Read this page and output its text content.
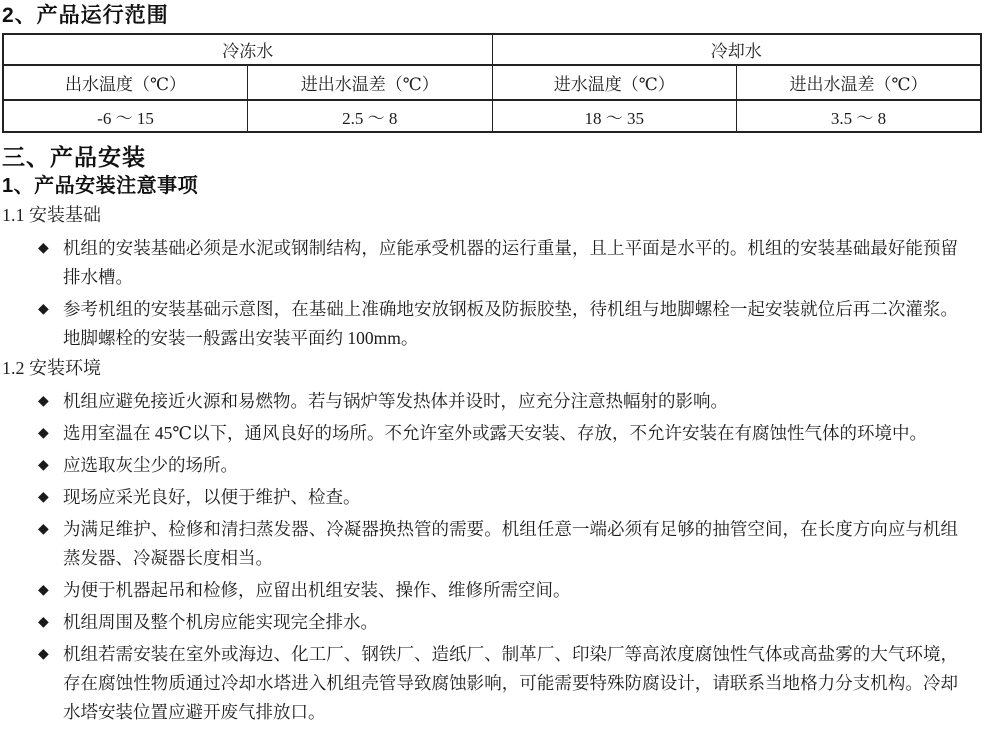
2、产品运行范围
冷冻水		冷却水	
出水温度（℃）	进出水温差（℃）	进水温度（℃）	进出水温差（℃）
-6 ～ 15	2.5 ～ 8	18 ～ 35	3.5 ～ 8
三、产品安装
1、产品安装注意事项
1.1 安装基础
◆ 机组的安装基础必须是水泥或钢制结构，应能承受机器的运行重量，且上平面是水平的。机组的安装基础最好能预留排水槽。

◆ 参考机组的安装基础示意图，在基础上准确地安放钢板及防振胶垫，待机组与地脚螺栓一起安装就位后再二次灌浆。地脚螺栓的安装一般露出安装平面约 100mm。

1.2 安装环境
◆ 机组应避免接近火源和易燃物。若与锅炉等发热体并设时，应充分注意热幅射的影响。

◆ 选用室温在 45℃以下，通风良好的场所。不允许室外或露天安装、存放，不允许安装在有腐蚀性气体的环境中。

◆ 应选取灰尘少的场所。

◆ 现场应采光良好，以便于维护、检查。

◆ 为满足维护、检修和清扫蒸发器、冷凝器换热管的需要。机组任意一端必须有足够的抽管空间，在长度方向应与机组蒸发器、冷凝器长度相当。

◆ 为便于机器起吊和检修，应留出机组安装、操作、维修所需空间。

◆ 机组周围及整个机房应能实现完全排水。

◆ 机组若需安装在室外或海边、化工厂、钢铁厂、造纸厂、制革厂、印染厂等高浓度腐蚀性气体或高盐雾的大气环境，存在腐蚀性物质通过冷却水塔进入机组壳管导致腐蚀影响，可能需要特殊防腐设计，请联系当地格力分支机构。冷却水塔安装位置应避开废气排放口。
